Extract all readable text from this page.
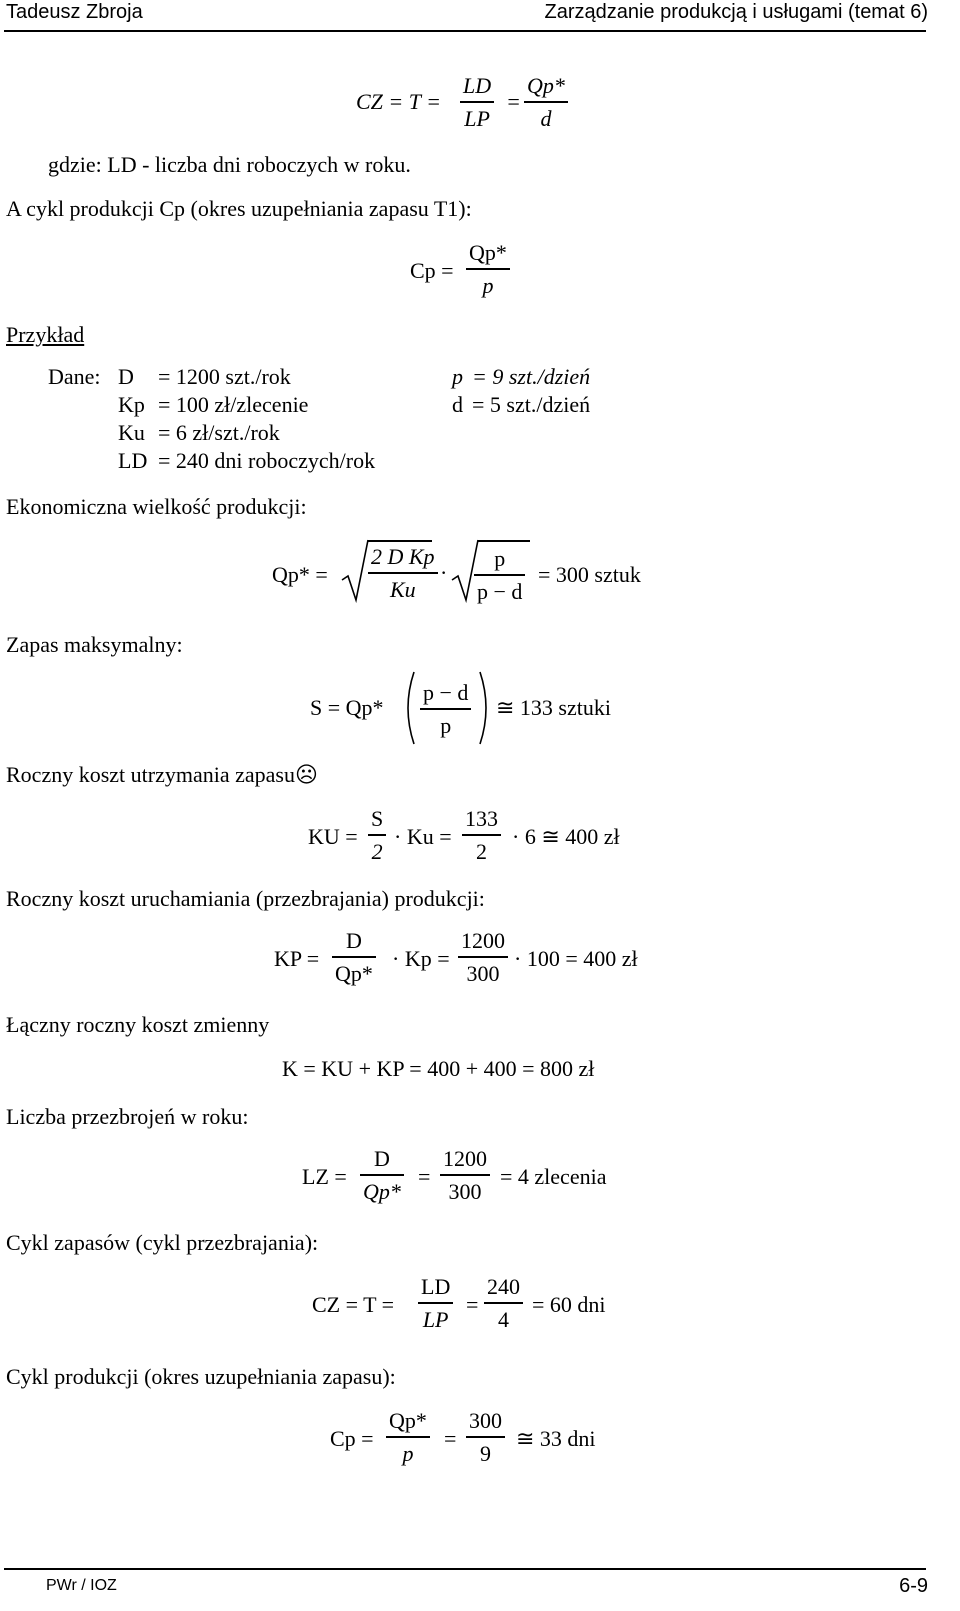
Tadeusz Zbroja	Zarządzanie produkcją i usługami (temat 6)
CZ = T =
LD
LP
=
Qp*
d
gdzie: LD - liczba dni roboczych w roku.
A cykl produkcji Cp (okres uzupełniania zapasu T1):
Cp =
Qp*
p
Przykład
Dane: D = 1200 szt./rok
Kp = 100 zł/zlecenie
Ku = 6 zł/szt./rok
LD = 240 dni roboczych/rok
p = 9 szt./dzień
d = 5 szt./dzień
Ekonomiczna wielkość produkcji:
Qp* =
2 D Kp
Ku
·
p
p − d
= 300 sztuk
Zapas maksymalny:
S = Qp*
p − d
p
≅ 133 sztuki
Roczny koszt utrzymania zapasu☹
KU =
S
2
· Ku =
133
2
· 6 ≅ 400 zł
Roczny koszt uruchamiania (przezbrajania) produkcji:
KP =
D
Qp*
· Kp =
1200
300
· 100 = 400 zł
Łączny roczny koszt zmienny
K = KU + KP = 400 + 400 = 800 zł
Liczba przezbrojeń w roku:
LZ =
D
Qp*
=
1200
300
= 4 zlecenia
Cykl zapasów (cykl przezbrajania):
CZ = T =
LD
LP
=
240
4
= 60 dni
Cykl produkcji (okres uzupełniania zapasu):
Cp =
Qp*
p
=
300
9
≅ 33 dni
PWr / IOZ	6-9
